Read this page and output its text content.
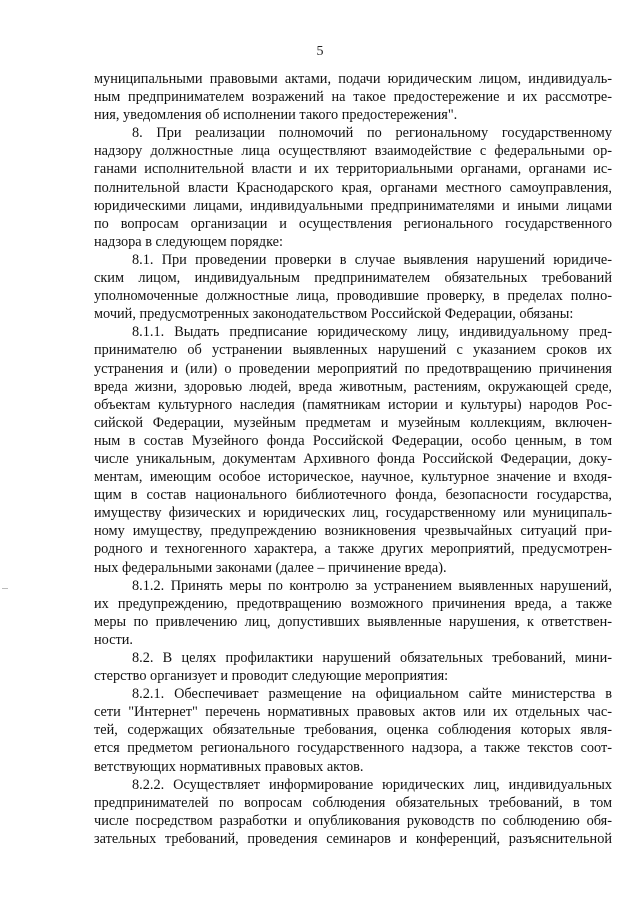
5

муниципальными правовыми актами, подачи юридическим лицом, индивидуаль-
ным предпринимателем возражений на такое предостережение и их рассмотре-
ния, уведомления об исполнении такого предостережения".

8. При реализации полномочий по региональному государственному
надзору должностные лица осуществляют взаимодействие с федеральными ор-
ганами исполнительной власти и их территориальными органами, органами ис-
полнительной власти Краснодарского края, органами местного самоуправления,
юридическими лицами, индивидуальными предпринимателями и иными лицами
по вопросам организации и осуществления регионального государственного
надзора в следующем порядке:

8.1. При проведении проверки в случае выявления нарушений юридиче-
ским лицом, индивидуальным предпринимателем обязательных требований
уполномоченные должностные лица, проводившие проверку, в пределах полно-
мочий, предусмотренных законодательством Российской Федерации, обязаны:

8.1.1. Выдать предписание юридическому лицу, индивидуальному пред-
принимателю об устранении выявленных нарушений с указанием сроков их
устранения и (или) о проведении мероприятий по предотвращению причинения
вреда жизни, здоровью людей, вреда животным, растениям, окружающей среде,
объектам культурного наследия (памятникам истории и культуры) народов Рос-
сийской Федерации, музейным предметам и музейным коллекциям, включен-
ным в состав Музейного фонда Российской Федерации, особо ценным, в том
числе уникальным, документам Архивного фонда Российской Федерации, доку-
ментам, имеющим особое историческое, научное, культурное значение и входя-
щим в состав национального библиотечного фонда, безопасности государства,
имуществу физических и юридических лиц, государственному или муниципаль-
ному имуществу, предупреждению возникновения чрезвычайных ситуаций при-
родного и техногенного характера, а также других мероприятий, предусмотрен-
ных федеральными законами (далее – причинение вреда).

8.1.2. Принять меры по контролю за устранением выявленных нарушений,
их предупреждению, предотвращению возможного причинения вреда, а также
меры по привлечению лиц, допустивших выявленные нарушения, к ответствен-
ности.

8.2. В целях профилактики нарушений обязательных требований, мини-
стерство организует и проводит следующие мероприятия:

8.2.1. Обеспечивает размещение на официальном сайте министерства в
сети "Интернет" перечень нормативных правовых актов или их отдельных час-
тей, содержащих обязательные требования, оценка соблюдения которых явля-
ется предметом регионального государственного надзора, а также текстов соот-
ветствующих нормативных правовых актов.

8.2.2. Осуществляет информирование юридических лиц, индивидуальных
предпринимателей по вопросам соблюдения обязательных требований, в том
числе посредством разработки и опубликования руководств по соблюдению обя-
зательных требований, проведения семинаров и конференций, разъяснительной
